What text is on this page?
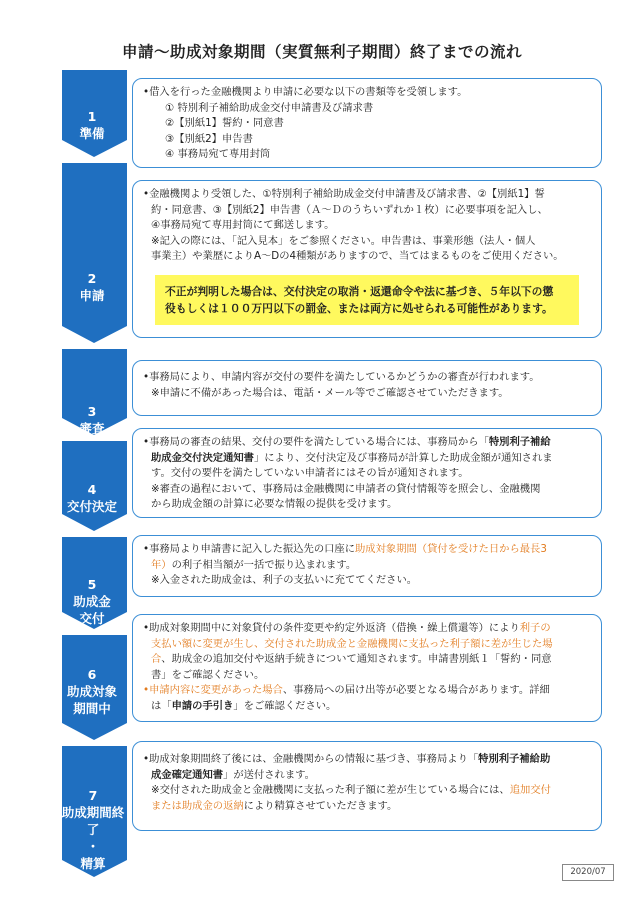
申請〜助成対象期間（実質無利子期間）終了までの流れ
1
準備
2
申請
3
審査
4
交付決定
5
助成金
交付
6
助成対象
期間中
7
助成期間終了
・
精算
•借入を行った金融機関より申請に必要な以下の書類等を受領します。
① 特別利子補給助成金交付申請書及び請求書
②【別紙1】誓約・同意書
③【別紙2】申告書
④ 事務局宛て専用封筒
•金融機関より受領した、①特別利子補給助成金交付申請書及び請求書、②【別紙1】誓
約・同意書、③【別紙2】申告書（Ａ〜Ｄのうちいずれか１枚）に必要事項を記入し、
④事務局宛て専用封筒にて郵送します。
※記入の際には、「記入見本」をご参照ください。申告書は、事業形態（法人・個人
事業主）や業歴によりA〜Dの4種類がありますので、当てはまるものをご使用ください。
不正が判明した場合は、交付決定の取消・返還命令や法に基づき、５年以下の懲
役もしくは１００万円以下の罰金、または両方に処せられる可能性があります。
•事務局により、申請内容が交付の要件を満たしているかどうかの審査が行われます。
※申請に不備があった場合は、電話・メール等でご確認させていただきます。
•事務局の審査の結果、交付の要件を満たしている場合には、事務局から「特別利子補給
助成金交付決定通知書」により、交付決定及び事務局が計算した助成金額が通知されま
す。交付の要件を満たしていない申請者にはその旨が通知されます。
※審査の過程において、事務局は金融機関に申請者の貸付情報等を照会し、金融機関
から助成金額の計算に必要な情報の提供を受けます。
•事務局より申請書に記入した振込先の口座に助成対象期間（貸付を受けた日から最長3
年）の利子相当額が一括で振り込まれます。
※入金された助成金は、利子の支払いに充ててください。
•助成対象期間中に対象貸付の条件変更や約定外返済（借換・繰上償還等）により利子の
支払い額に変更が生し、交付された助成金と金融機関に支払った利子額に差が生じた場
合、助成金の追加交付や返納手続きについて通知されます。申請書別紙１「誓約・同意
書」をご確認ください。
•申請内容に変更があった場合、事務局への届け出等が必要となる場合があります。詳細
は「申請の手引き」をご確認ください。
•助成対象期間終了後には、金融機関からの情報に基づき、事務局より「特別利子補給助
成金確定通知書」が送付されます。
※交付された助成金と金融機関に支払った利子額に差が生じている場合には、追加交付
または助成金の返納により精算させていただきます。
2020/07
